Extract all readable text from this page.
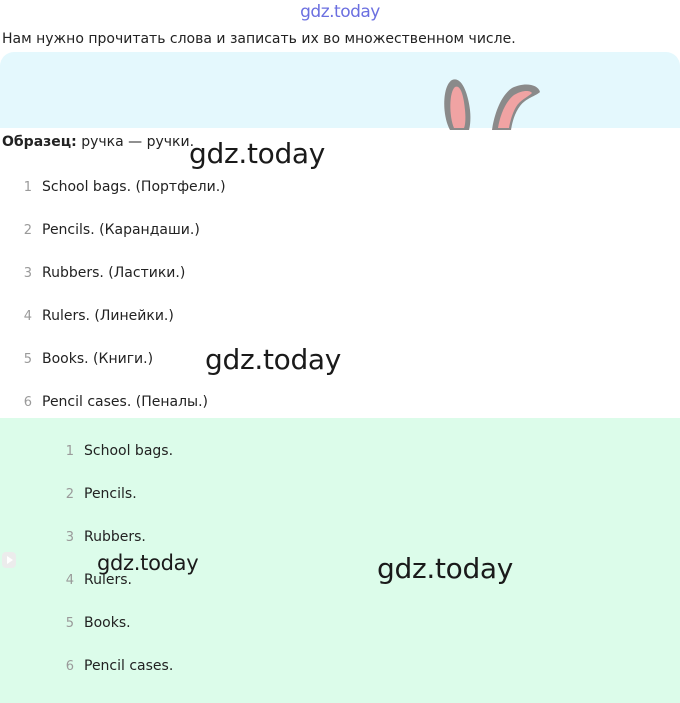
gdz.today
Нам нужно прочитать слова и записать их во множественном числе.
Образец: ручка — ручки.
1 School bags. (Портфели.)
2 Pencils. (Карандаши.)
3 Rubbers. (Ластики.)
4 Rulers. (Линейки.)
5 Books. (Книги.)
6 Pencil cases. (Пеналы.)
1 School bags.
2 Pencils.
3 Rubbers.
4 Rulers.
5 Books.
6 Pencil cases.
gdz.today
gdz.today
gdz.today	gdz.today
